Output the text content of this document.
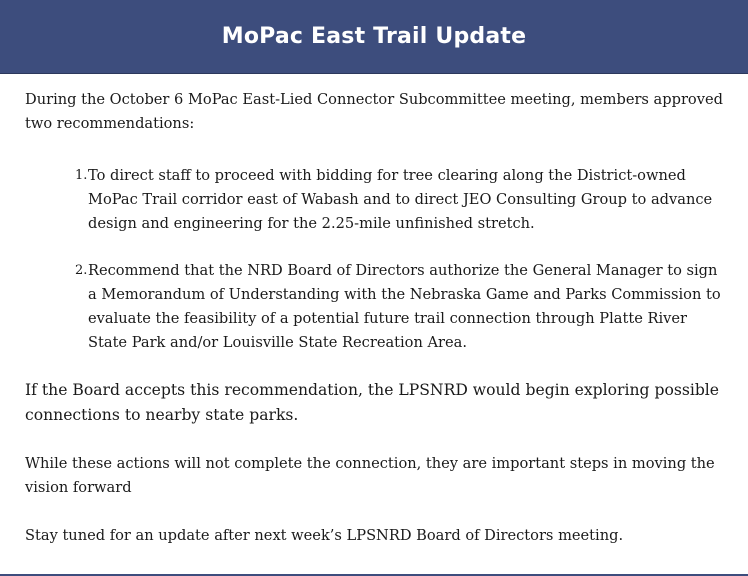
MoPac East Trail Update

During the October 6 MoPac East-Lied Connector Subcommittee meeting, members approved two recommendations:

1. To direct staff to proceed with bidding for tree clearing along the District-owned MoPac Trail corridor east of Wabash and to direct JEO Consulting Group to advance design and engineering for the 2.25-mile unfinished stretch.
2. Recommend that the NRD Board of Directors authorize the General Manager to sign a Memorandum of Understanding with the Nebraska Game and Parks Commission to evaluate the feasibility of a potential future trail connection through Platte River State Park and/or Louisville State Recreation Area.

If the Board accepts this recommendation, the LPSNRD would begin exploring possible connections to nearby state parks.

While these actions will not complete the connection, they are important steps in moving the vision forward

Stay tuned for an update after next week’s LPSNRD Board of Directors meeting.
